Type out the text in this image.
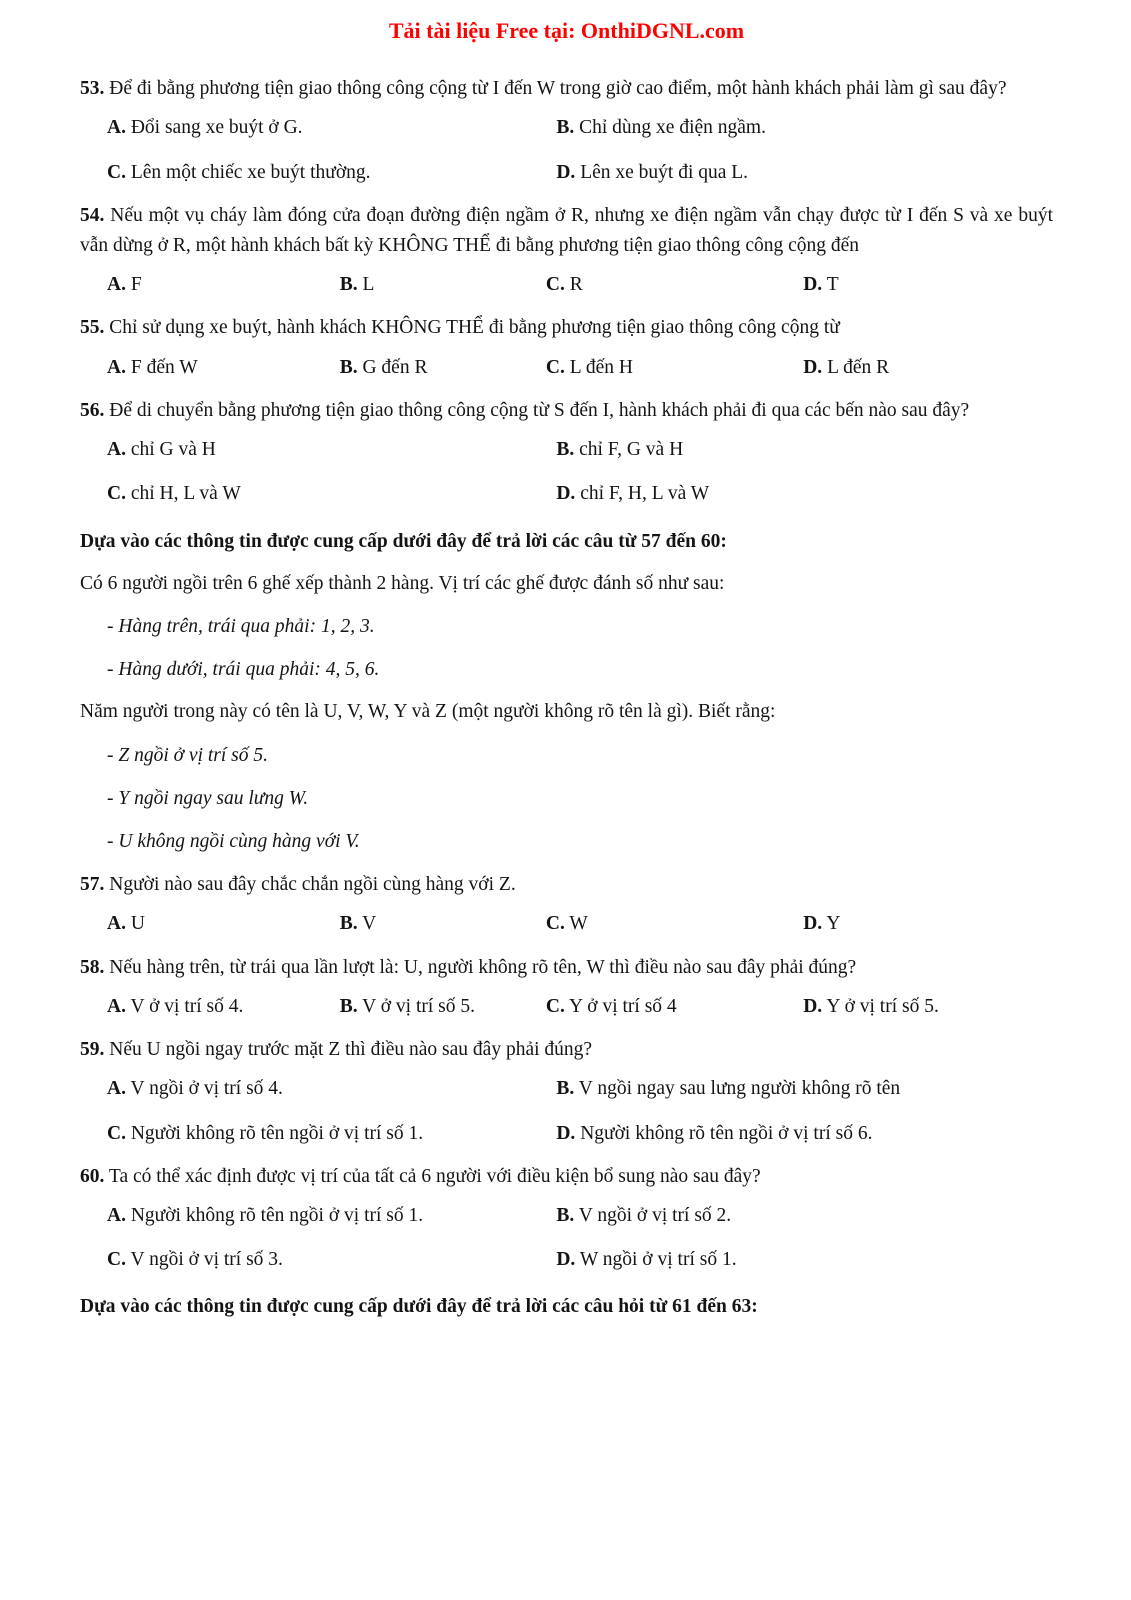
Tải tài liệu Free tại: OnthiDGNL.com

53. Để đi bằng phương tiện giao thông công cộng từ I đến W trong giờ cao điểm, một hành khách phải làm gì sau đây?

A. Đổi sang xe buýt ở G.	B. Chỉ dùng xe điện ngầm.
C. Lên một chiếc xe buýt thường.	D. Lên xe buýt đi qua L.

54. Nếu một vụ cháy làm đóng cửa đoạn đường điện ngầm ở R, nhưng xe điện ngầm vẫn chạy được từ I đến S và xe buýt vẫn dừng ở R, một hành khách bất kỳ KHÔNG THỂ đi bằng phương tiện giao thông công cộng đến

A. F	B. L	C. R	D. T

55. Chỉ sử dụng xe buýt, hành khách KHÔNG THỂ đi bằng phương tiện giao thông công cộng từ

A. F đến W	B. G đến R	C. L đến H	D. L đến R

56. Để di chuyển bằng phương tiện giao thông công cộng từ S đến I, hành khách phải đi qua các bến nào sau đây?

A. chỉ G và H	B. chỉ F, G và H
C. chỉ H, L và W	D. chỉ F, H, L và W

Dựa vào các thông tin được cung cấp dưới đây để trả lời các câu từ 57 đến 60:

Có 6 người ngồi trên 6 ghế xếp thành 2 hàng. Vị trí các ghế được đánh số như sau:

- Hàng trên, trái qua phải: 1, 2, 3.

- Hàng dưới, trái qua phải: 4, 5, 6.

Năm người trong này có tên là U, V, W, Y và Z (một người không rõ tên là gì). Biết rằng:

- Z ngồi ở vị trí số 5.

- Y ngồi ngay sau lưng W.

- U không ngồi cùng hàng với V.

57. Người nào sau đây chắc chắn ngồi cùng hàng với Z.

A. U	B. V	C. W	D. Y

58. Nếu hàng trên, từ trái qua lần lượt là: U, người không rõ tên, W thì điều nào sau đây phải đúng?

A. V ở vị trí số 4.	B. V ở vị trí số 5.	C. Y ở vị trí số 4	D. Y ở vị trí số 5.

59. Nếu U ngồi ngay trước mặt Z thì điều nào sau đây phải đúng?

A. V ngồi ở vị trí số 4.	B. V ngồi ngay sau lưng người không rõ tên
C. Người không rõ tên ngồi ở vị trí số 1.	D. Người không rõ tên ngồi ở vị trí số 6.

60. Ta có thể xác định được vị trí của tất cả 6 người với điều kiện bổ sung nào sau đây?

A. Người không rõ tên ngồi ở vị trí số 1.	B. V ngồi ở vị trí số 2.
C. V ngồi ở vị trí số 3.	D. W ngồi ở vị trí số 1.

Dựa vào các thông tin được cung cấp dưới đây để trả lời các câu hỏi từ 61 đến 63:
